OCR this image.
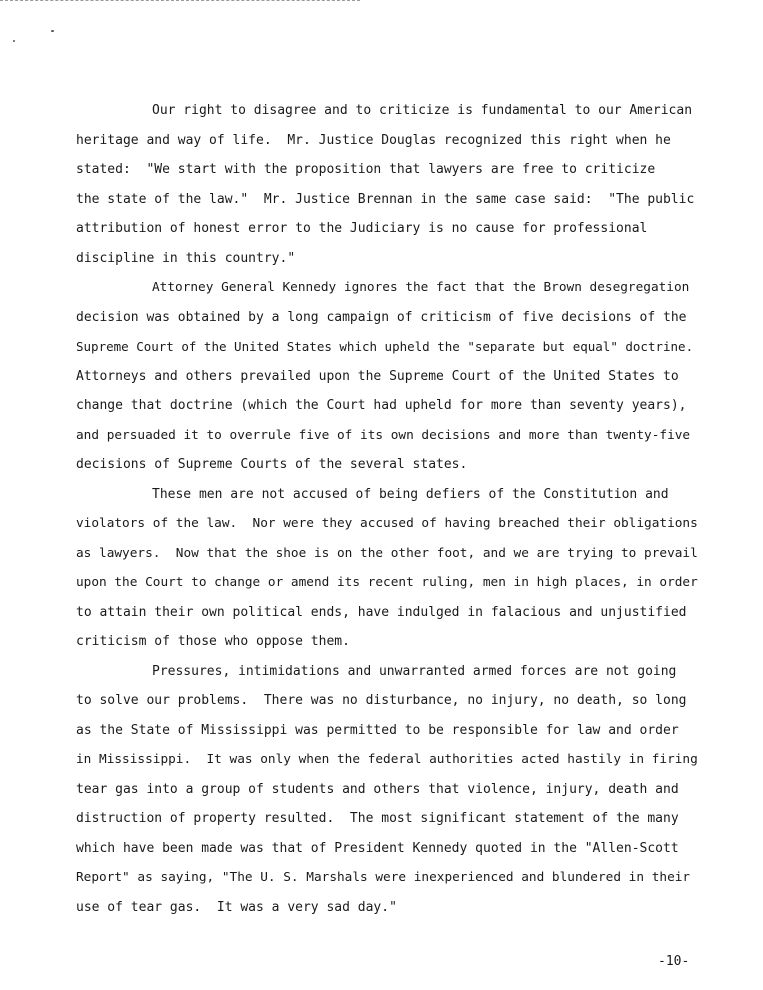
Our right to disagree and to criticize is fundamental to our American
heritage and way of life.  Mr. Justice Douglas recognized this right when he
stated:  "We start with the proposition that lawyers are free to criticize
the state of the law."  Mr. Justice Brennan in the same case said:  "The public
attribution of honest error to the Judiciary is no cause for professional
discipline in this country."
Attorney General Kennedy ignores the fact that the Brown desegregation
decision was obtained by a long campaign of criticism of five decisions of the
Supreme Court of the United States which upheld the "separate but equal" doctrine.
Attorneys and others prevailed upon the Supreme Court of the United States to
change that doctrine (which the Court had upheld for more than seventy years),
and persuaded it to overrule five of its own decisions and more than twenty-five
decisions of Supreme Courts of the several states.
These men are not accused of being defiers of the Constitution and
violators of the law.  Nor were they accused of having breached their obligations
as lawyers.  Now that the shoe is on the other foot, and we are trying to prevail
upon the Court to change or amend its recent ruling, men in high places, in order
to attain their own political ends, have indulged in falacious and unjustified
criticism of those who oppose them.
Pressures, intimidations and unwarranted armed forces are not going
to solve our problems.  There was no disturbance, no injury, no death, so long
as the State of Mississippi was permitted to be responsible for law and order
in Mississippi.  It was only when the federal authorities acted hastily in firing
tear gas into a group of students and others that violence, injury, death and
distruction of property resulted.  The most significant statement of the many
which have been made was that of President Kennedy quoted in the "Allen-Scott
Report" as saying, "The U. S. Marshals were inexperienced and blundered in their
use of tear gas.  It was a very sad day."
-10-
